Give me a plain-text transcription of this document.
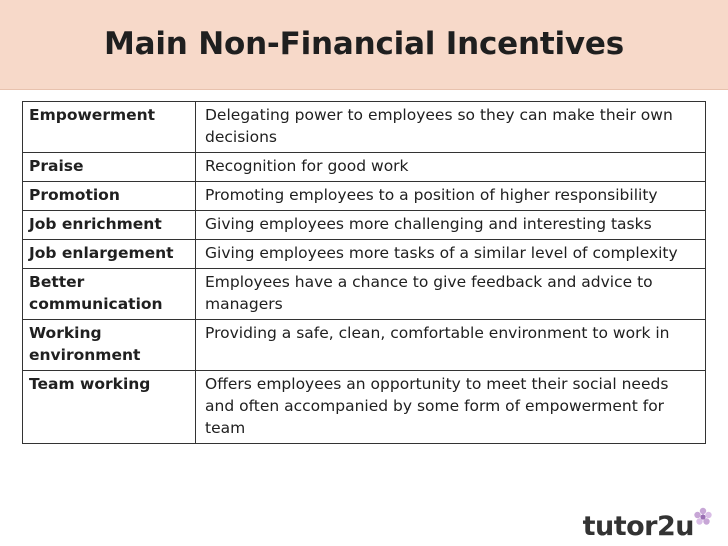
Main Non-Financial Incentives
Empowerment	Delegating power to employees so they can make their own decisions
Praise	Recognition for good work
Promotion	Promoting employees to a position of higher responsibility
Job enrichment	Giving employees more challenging and interesting tasks
Job enlargement	Giving employees more tasks of a similar level of complexity
Better communication	Employees have a chance to give feedback and advice to managers
Working environment	Providing a safe, clean, comfortable environment to work in
Team working	Offers employees an opportunity to meet their social needs and often accompanied by some form of empowerment for team
tutor2u
